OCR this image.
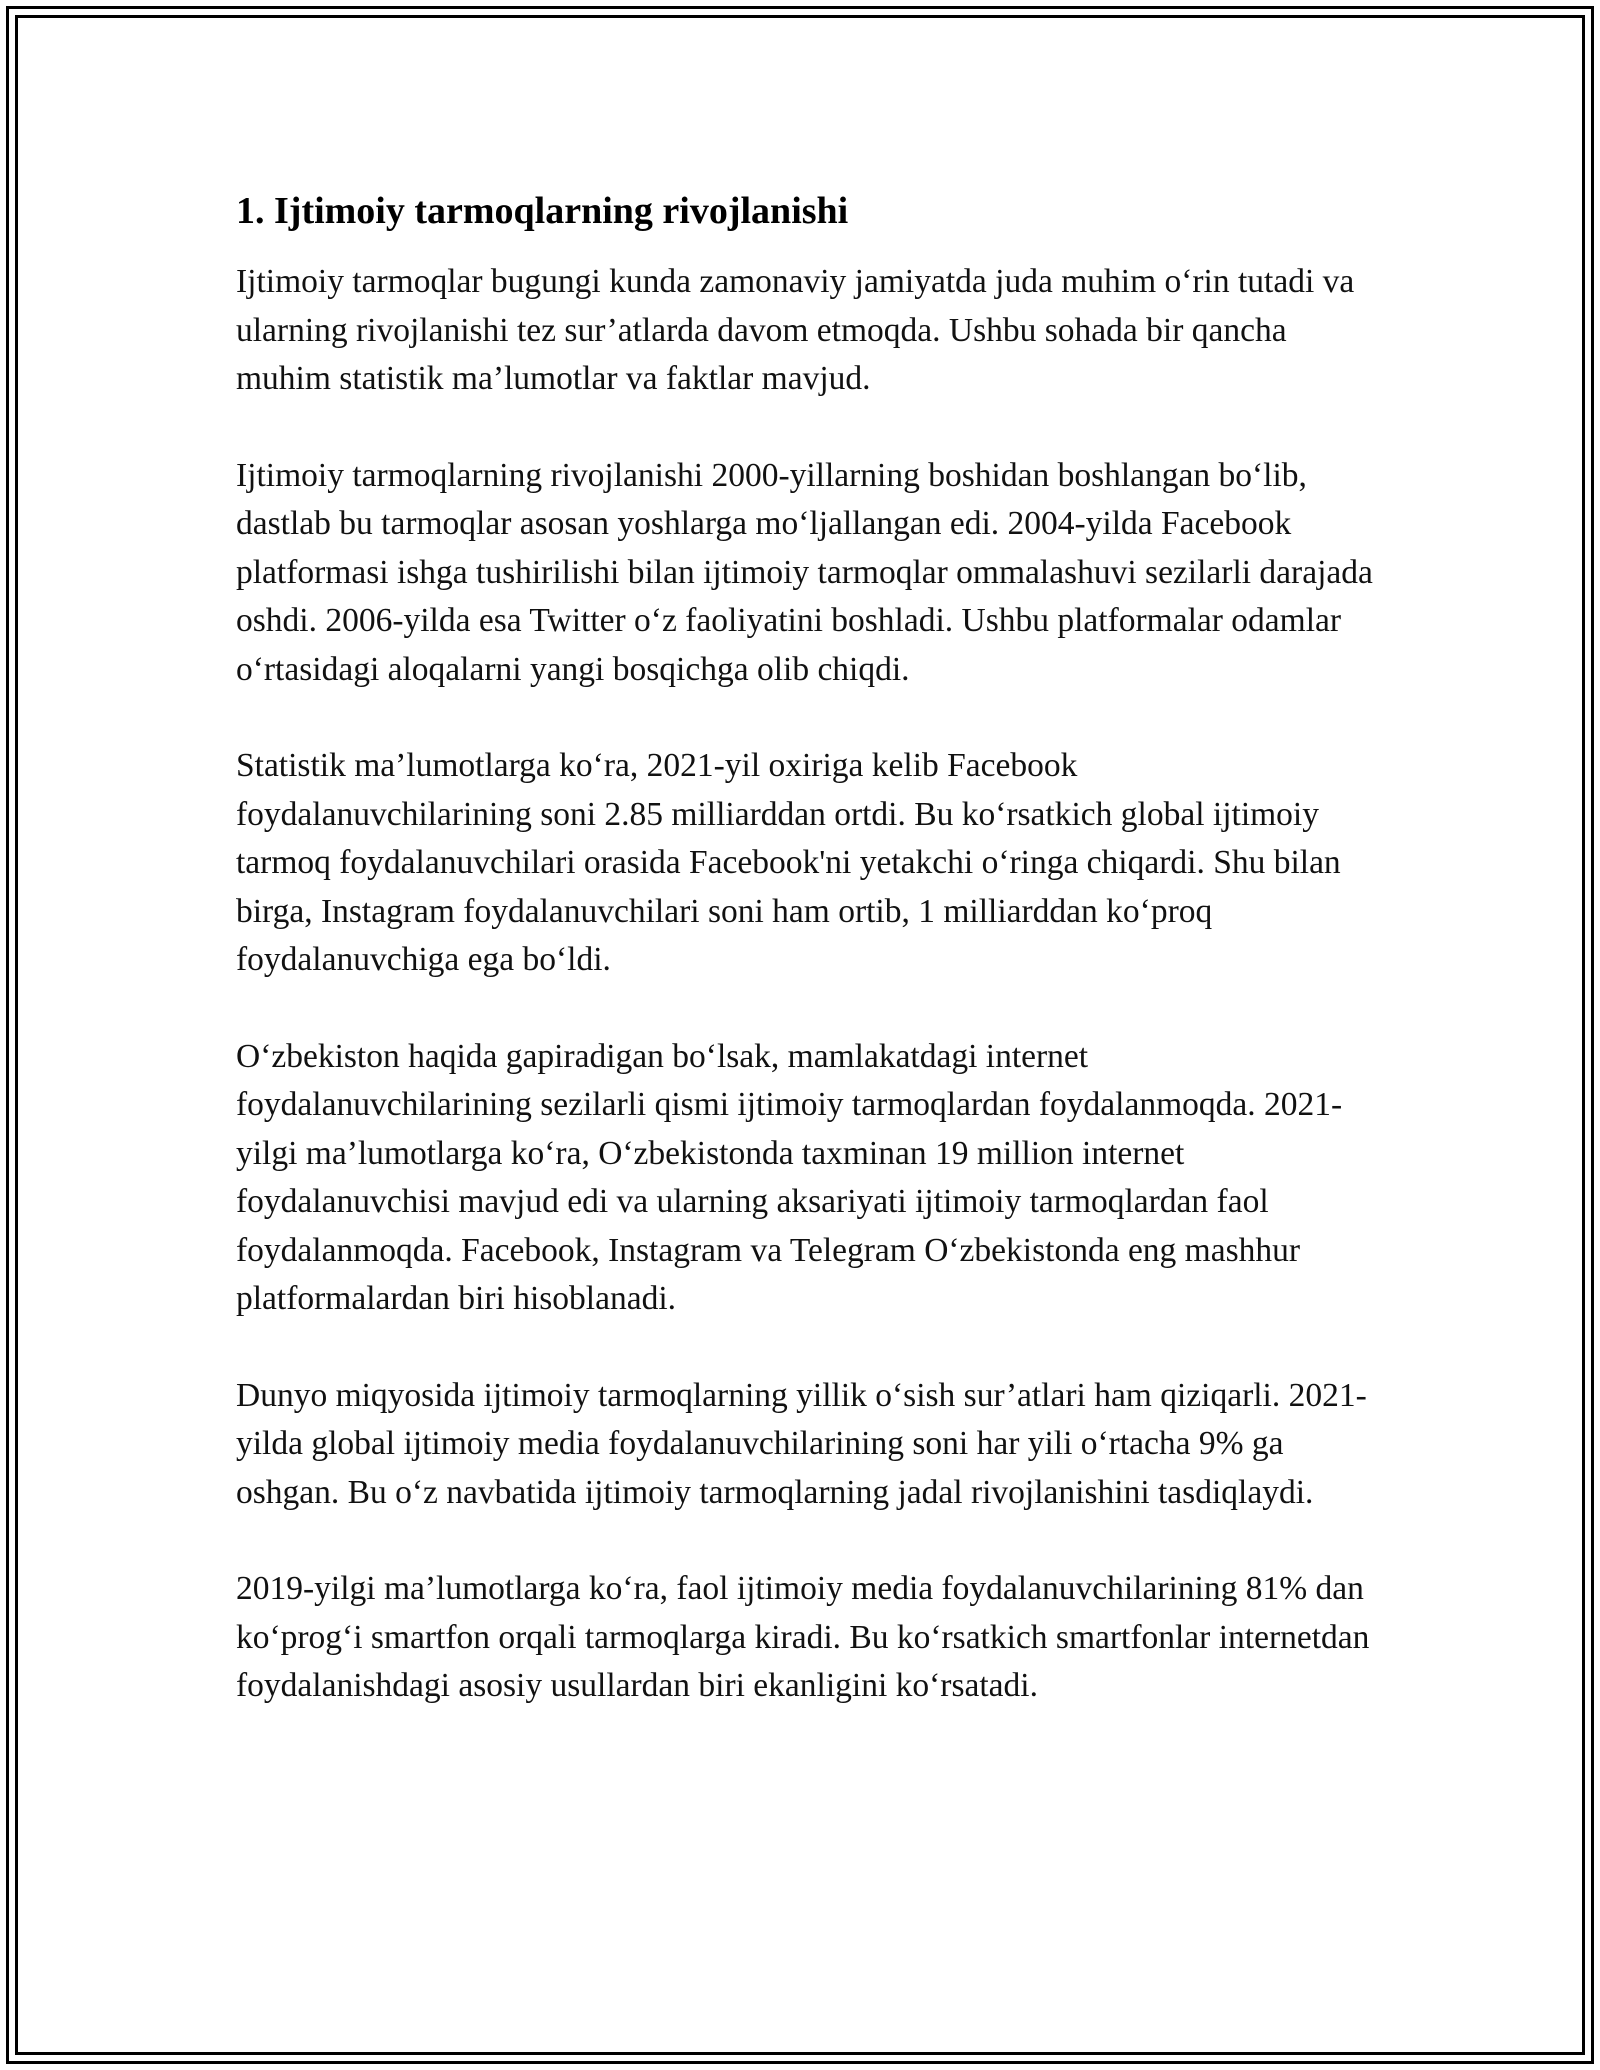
1. Ijtimoiy tarmoqlarning rivojlanishi

Ijtimoiy tarmoqlar bugungi kunda zamonaviy jamiyatda juda muhim o‘rin tutadi va ularning rivojlanishi tez sur’atlarda davom etmoqda. Ushbu sohada bir qancha muhim statistik ma’lumotlar va faktlar mavjud.

Ijtimoiy tarmoqlarning rivojlanishi 2000-yillarning boshidan boshlangan bo‘lib, dastlab bu tarmoqlar asosan yoshlarga mo‘ljallangan edi. 2004-yilda Facebook platformasi ishga tushirilishi bilan ijtimoiy tarmoqlar ommalashuvi sezilarli darajada oshdi. 2006-yilda esa Twitter o‘z faoliyatini boshladi. Ushbu platformalar odamlar o‘rtasidagi aloqalarni yangi bosqichga olib chiqdi.

Statistik ma’lumotlarga ko‘ra, 2021-yil oxiriga kelib Facebook foydalanuvchilarining soni 2.85 milliarddan ortdi. Bu ko‘rsatkich global ijtimoiy tarmoq foydalanuvchilari orasida Facebook'ni yetakchi o‘ringa chiqardi. Shu bilan birga, Instagram foydalanuvchilari soni ham ortib, 1 milliarddan ko‘proq foydalanuvchiga ega bo‘ldi.

O‘zbekiston haqida gapiradigan bo‘lsak, mamlakatdagi internet foydalanuvchilarining sezilarli qismi ijtimoiy tarmoqlardan foydalanmoqda. 2021-yilgi ma’lumotlarga ko‘ra, O‘zbekistonda taxminan 19 million internet foydalanuvchisi mavjud edi va ularning aksariyati ijtimoiy tarmoqlardan faol foydalanmoqda. Facebook, Instagram va Telegram O‘zbekistonda eng mashhur platformalardan biri hisoblanadi.

Dunyo miqyosida ijtimoiy tarmoqlarning yillik o‘sish sur’atlari ham qiziqarli. 2021-yilda global ijtimoiy media foydalanuvchilarining soni har yili o‘rtacha 9% ga oshgan. Bu o‘z navbatida ijtimoiy tarmoqlarning jadal rivojlanishini tasdiqlaydi.

2019-yilgi ma’lumotlarga ko‘ra, faol ijtimoiy media foydalanuvchilarining 81% dan ko‘prog‘i smartfon orqali tarmoqlarga kiradi. Bu ko‘rsatkich smartfonlar internetdan foydalanishdagi asosiy usullardan biri ekanligini ko‘rsatadi.
